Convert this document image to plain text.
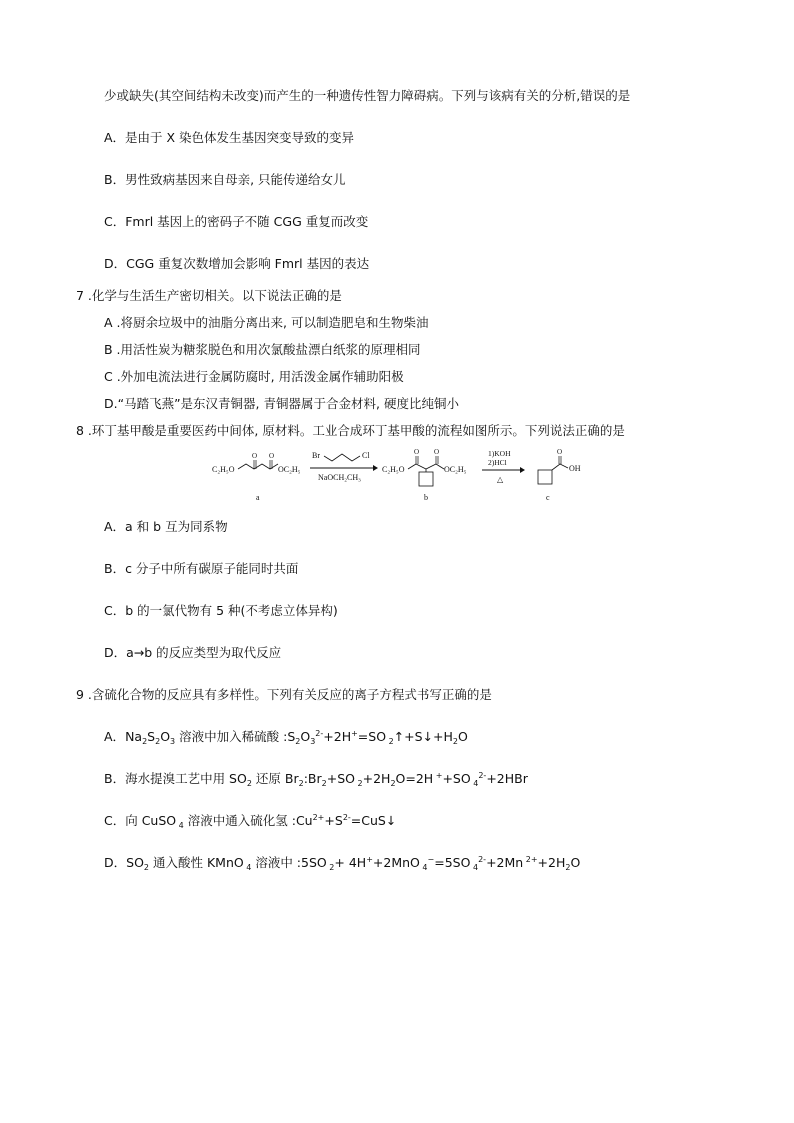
少或缺失(其空间结构未改变)而产生的一种遗传性智力障碍病。下列与该病有关的分析,错误的是
A．是由于 X 染色体发生基因突变导致的变异
B．男性致病基因来自母亲, 只能传递给女儿
C．Fmrl 基因上的密码子不随 CGG 重复而改变
D．CGG 重复次数增加会影响 Fmrl 基因的表达
7 .化学与生活生产密切相关。以下说法正确的是
A .将厨余垃圾中的油脂分离出来, 可以制造肥皂和生物柴油
B .用活性炭为糖浆脱色和用次氯酸盐漂白纸浆的原理相同
C .外加电流法进行金属防腐时, 用活泼金属作辅助阳极
D.“马踏飞燕”是东汉青铜器, 青铜器属于合金材料, 硬度比纯铜小
8 .环丁基甲酸是重要医药中间体, 原材料。工业合成环丁基甲酸的流程如图所示。下列说法正确的是
C₂H₅O
O O
OC₂H₅
a
Br	Cl
NaOCH₂CH₃
C₂H₅O
O O
OC₂H₅
b
1)KOH
2)HCl
△
O
OH
c
A．a 和 b 互为同系物
B．c 分子中所有碳原子能同时共面
C．b 的一氯代物有 5 种(不考虑立体异构)
D．a→b 的反应类型为取代反应
9 .含硫化合物的反应具有多样性。下列有关反应的离子方程式书写正确的是
A．$Na_2S_2O_3$ 溶液中加入稀硫酸 $:S_2O_3^{2-}+2H^+=SO$ $_2↑+S↓+H_2O$
B．海水提溴工艺中用 $SO_2$ 还原 $Br_2:Br_2+SO$ $_2+2H_2O=2H$ ++SO $_4^{2-}$+2HBr
C．向 CuSO $_4$ 溶液中通入硫化氢 $:Cu^{2+}+S^{2-}=CuS↓$
D．$SO_2$ 通入酸性 KMnO $_4$ 溶液中 :5SO $_2$+ 4H++2MnO $_4$−=5SO $_4^{2-}$+2Mn $^{2+}+2H_2O$
